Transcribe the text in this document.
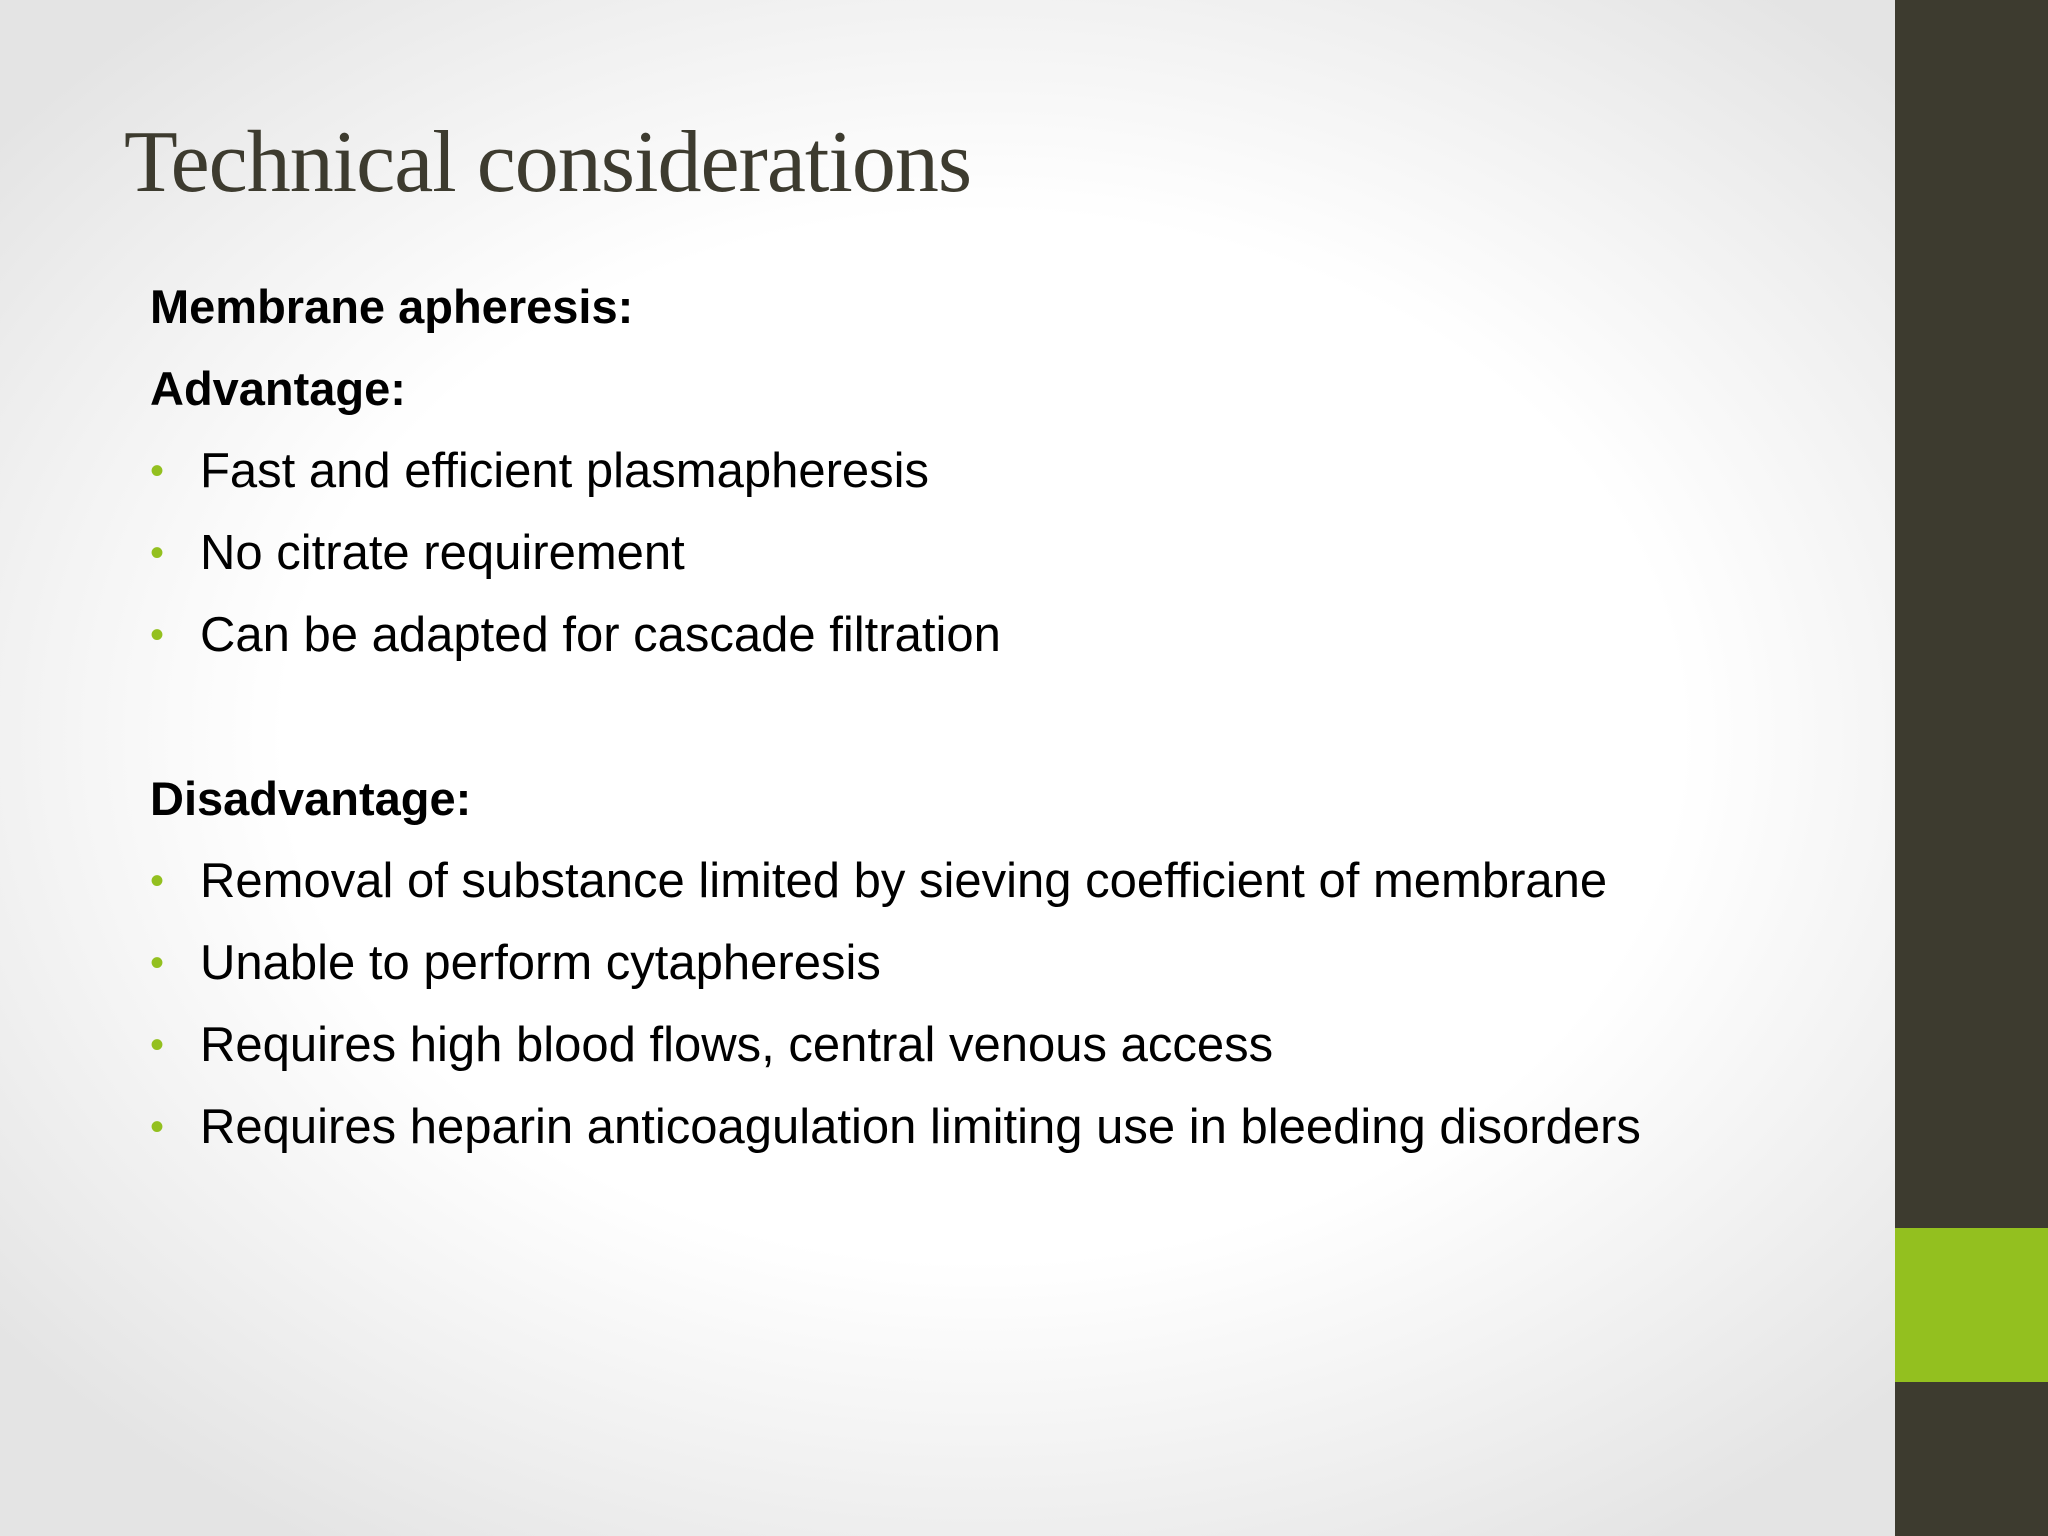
Technical considerations
Membrane apheresis:
Advantage:
• Fast and efficient plasmapheresis
• No citrate requirement
• Can be adapted for cascade filtration
Disadvantage:
• Removal of substance limited by sieving coefficient of membrane
• Unable to perform cytapheresis
• Requires high blood flows, central venous access
• Requires heparin anticoagulation limiting use in bleeding disorders
